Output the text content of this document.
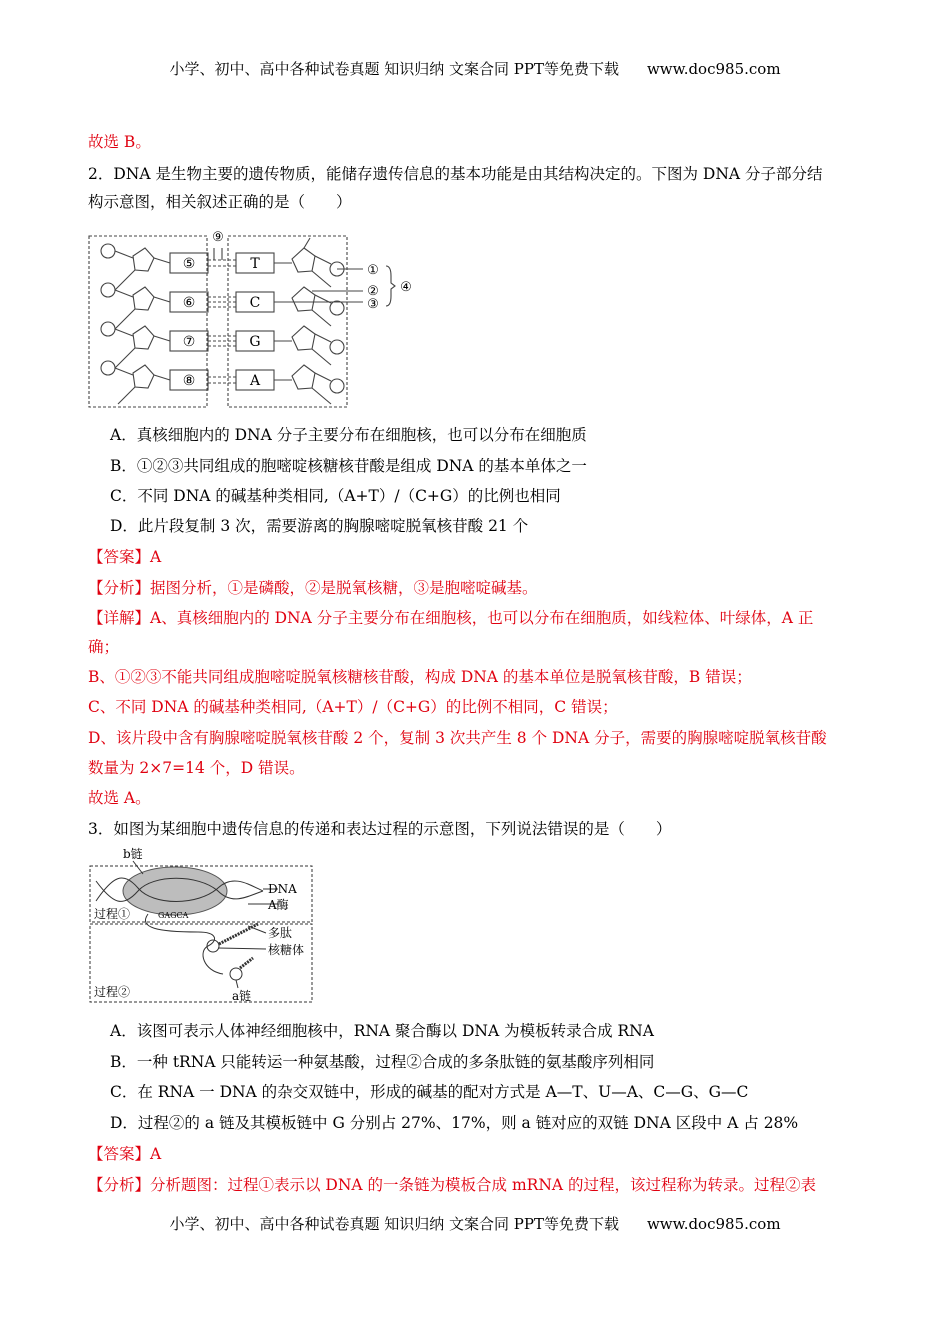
小学、初中、高中各种试卷真题 知识归纳 文案合同 PPT等免费下载 www.doc985.com
故选 B。
2．DNA 是生物主要的遗传物质，能储存遗传信息的基本功能是由其结构决定的。下图为 DNA 分子部分结
构示意图，相关叙述正确的是（　　）
⑤
⑥
⑦
⑧
T
C
G
A
⑨
①
②
③
④
A．真核细胞内的 DNA 分子主要分布在细胞核，也可以分布在细胞质
B．①②③共同组成的胞嘧啶核糖核苷酸是组成 DNA 的基本单体之一
C．不同 DNA 的碱基种类相同,（A+T）/（C+G）的比例也相同
D．此片段复制 3 次，需要游离的胸腺嘧啶脱氧核苷酸 21 个
【答案】A
【分析】据图分析，①是磷酸，②是脱氧核糖，③是胞嘧啶碱基。
【详解】A、真核细胞内的 DNA 分子主要分布在细胞核，也可以分布在细胞质，如线粒体、叶绿体，A 正
确；
B、①②③不能共同组成胞嘧啶脱氧核糖核苷酸，构成 DNA 的基本单位是脱氧核苷酸，B 错误；
C、不同 DNA 的碱基种类相同,（A+T）/（C+G）的比例不相同，C 错误；
D、该片段中含有胸腺嘧啶脱氧核苷酸 2 个，复制 3 次共产生 8 个 DNA 分子，需要的胸腺嘧啶脱氧核苷酸
数量为 2×7=14 个，D 错误。
故选 A。
3．如图为某细胞中遗传信息的传递和表达过程的示意图，下列说法错误的是（　　）
b链
DNA
A酶
过程①	GAGCA
多肽
核糖体
过程②	a链
A．该图可表示人体神经细胞核中，RNA 聚合酶以 DNA 为模板转录合成 RNA
B．一种 tRNA 只能转运一种氨基酸，过程②合成的多条肽链的氨基酸序列相同
C．在 RNA 一 DNA 的杂交双链中，形成的碱基的配对方式是 A—T、U—A、C—G、G—C
D．过程②的 a 链及其模板链中 G 分别占 27%、17%，则 a 链对应的双链 DNA 区段中 A 占 28%
【答案】A
【分析】分析题图：过程①表示以 DNA 的一条链为模板合成 mRNA 的过程，该过程称为转录。过程②表
小学、初中、高中各种试卷真题 知识归纳 文案合同 PPT等免费下载 www.doc985.com
